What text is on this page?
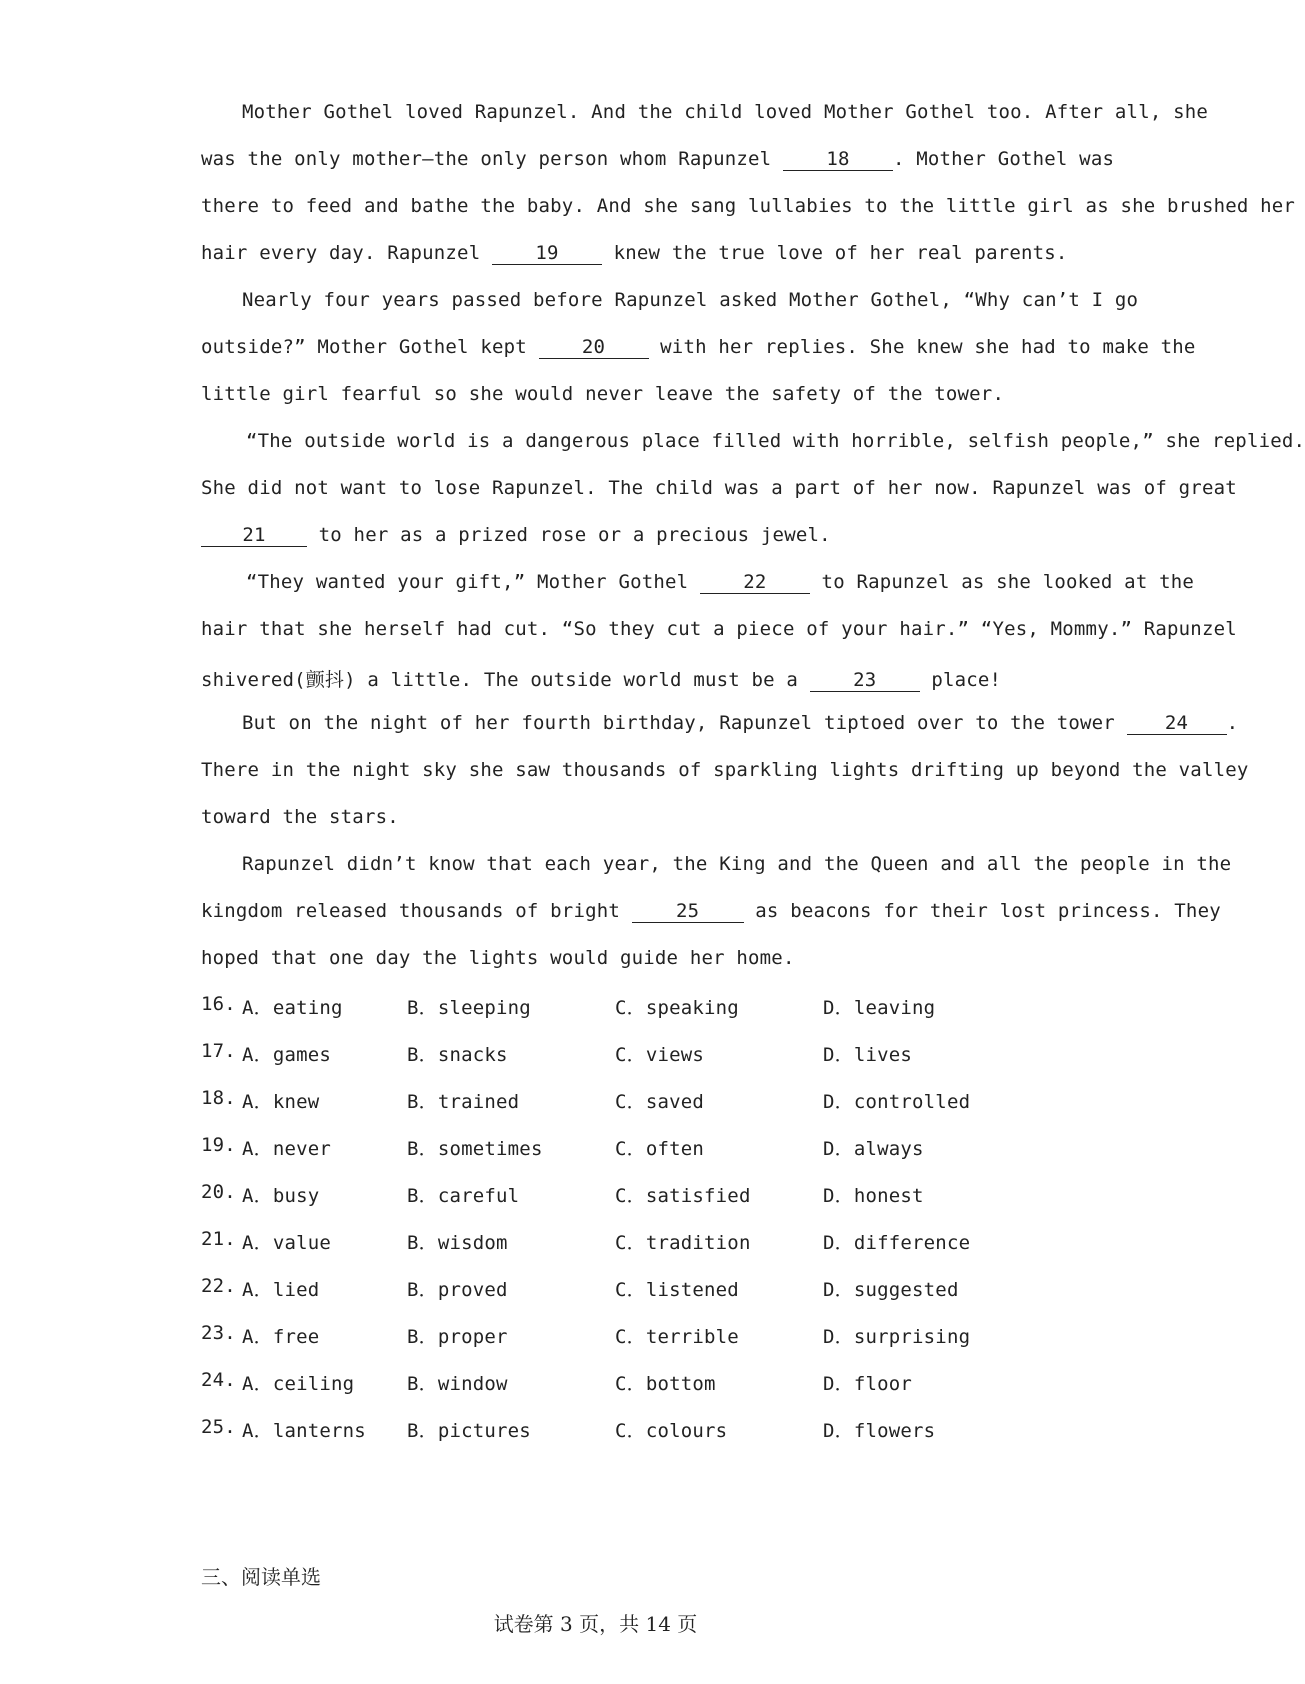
Mother Gothel loved Rapunzel. And the child loved Mother Gothel too. After all, she
was the only mother—the only person whom Rapunzel 18 . Mother Gothel was
there to feed and bathe the baby. And she sang lullabies to the little girl as she brushed her
hair every day. Rapunzel 19 knew the true love of her real parents.
Nearly four years passed before Rapunzel asked Mother Gothel, “Why can’t I go
outside?” Mother Gothel kept 20 with her replies. She knew she had to make the
little girl fearful so she would never leave the safety of the tower.
“The outside world is a dangerous place filled with horrible, selfish people,” she replied.
She did not want to lose Rapunzel. The child was a part of her now. Rapunzel was of great
21 to her as a prized rose or a precious jewel.
“They wanted your gift,” Mother Gothel 22 to Rapunzel as she looked at the
hair that she herself had cut. “So they cut a piece of your hair.” “Yes, Mommy.” Rapunzel
shivered(颤抖) a little. The outside world must be a 23 place!
But on the night of her fourth birthday, Rapunzel tiptoed over to the tower 24 .
There in the night sky she saw thousands of sparkling lights drifting up beyond the valley
toward the stars.
Rapunzel didn’t know that each year, the King and the Queen and all the people in the
kingdom released thousands of bright 25 as beacons for their lost princess. They
hoped that one day the lights would guide her home.

16.

A．eating

	B．sleeping

	C．speaking

	D．leaving

17.

A．games

	B．snacks

	C．views

	D．lives

18.

A．knew

	B．trained

	C．saved

	D．controlled

19.

A．never

	B．sometimes

	C．often

	D．always

20.

A．busy

	B．careful

	C．satisfied

	D．honest

21.

A．value

	B．wisdom

	C．tradition

	D．difference

22.

A．lied

	B．proved

	C．listened

	D．suggested

23.

A．free

	B．proper

	C．terrible

	D．surprising

24.

A．ceiling

	B．window

	C．bottom

	D．floor

25.

A．lanterns

B．pictures

	C．colours

	D．flowers

三、阅读单选
试卷第 3 页，共 14 页
